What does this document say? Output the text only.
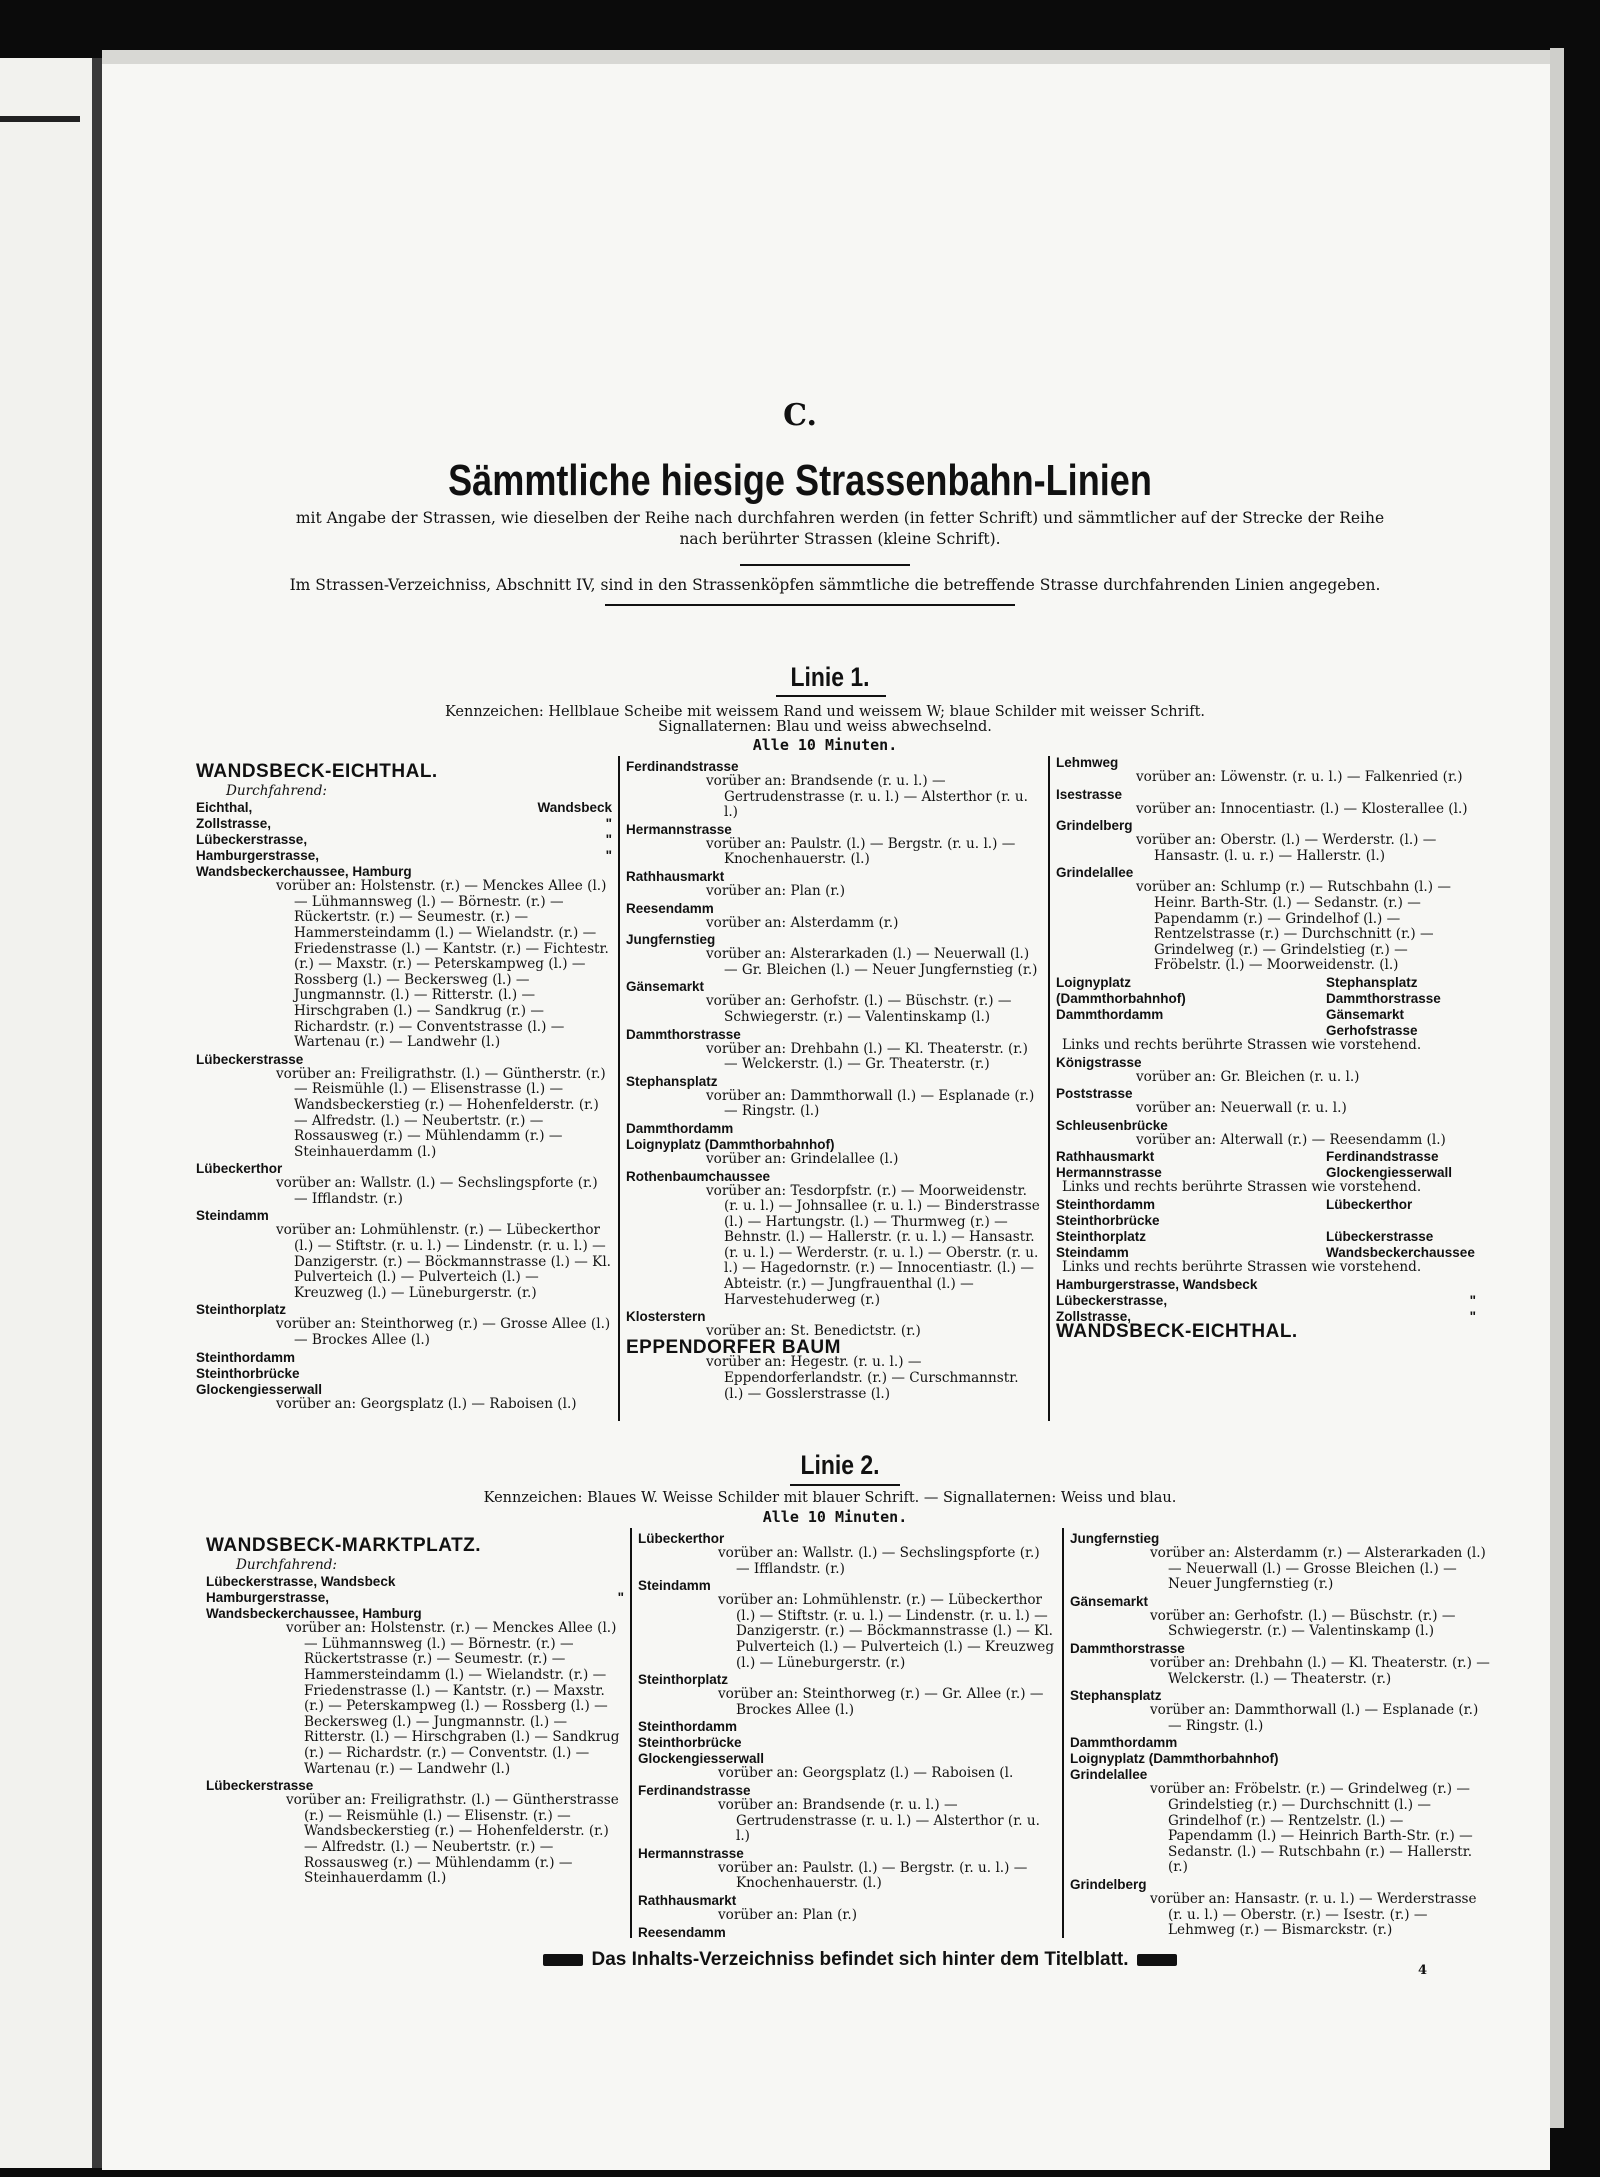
C.
Sämmtliche hiesige Strassenbahn-Linien
mit Angabe der Strassen, wie dieselben der Reihe nach durchfahren werden (in fetter Schrift) und sämmtlicher auf der Strecke der Reihe nach berührter Strassen (kleine Schrift).
Im Strassen-Verzeichniss, Abschnitt IV, sind in den Strassenköpfen sämmtliche die betreffende Strasse durchfahrenden Linien angegeben.
Linie 1.
Kennzeichen: Hellblaue Scheibe mit weissem Rand und weissem W; blaue Schilder mit weisser Schrift.
Signallaternen: Blau und weiss abwechselnd.
Alle 10 Minuten.
WANDSBECK-EICHTHAL.
Durchfahrend:
Eichthal,	Wandsbeck
Zollstrasse,	"
Lübeckerstrasse,	"
Hamburgerstrasse,	"
Wandsbeckerchaussee, Hamburg
vorüber an: Holstenstr. (r.) — Menckes Allee (l.) — Lühmannsweg (l.) — Börnestr. (r.) — Rückertstr. (r.) — Seumestr. (r.) — Hammersteindamm (l.) — Wielandstr. (r.) — Friedenstrasse (l.) — Kantstr. (r.) — Fichtestr. (r.) — Maxstr. (r.) — Peterskampweg (l.) — Rossberg (l.) — Beckersweg (l.) — Jungmannstr. (l.) — Ritterstr. (l.) — Hirschgraben (l.) — Sandkrug (r.) — Richardstr. (r.) — Conventstrasse (l.) — Wartenau (r.) — Landwehr (l.)
Lübeckerstrasse
vorüber an: Freiligrathstr. (l.) — Güntherstr. (r.) — Reismühle (l.) — Elisenstrasse (l.) — Wandsbeckerstieg (r.) — Hohenfelderstr. (r.) — Alfredstr. (l.) — Neubertstr. (r.) — Rossausweg (r.) — Mühlendamm (r.) — Steinhauerdamm (l.)
Lübeckerthor
vorüber an: Wallstr. (l.) — Sechslingspforte (r.) — Ifflandstr. (r.)
Steindamm
vorüber an: Lohmühlenstr. (r.) — Lübeckerthor (l.) — Stiftstr. (r. u. l.) — Lindenstr. (r. u. l.) — Danzigerstr. (r.) — Böckmannstrasse (l.) — Kl. Pulverteich (l.) — Pulverteich (l.) — Kreuzweg (l.) — Lüneburgerstr. (r.)
Steinthorplatz
vorüber an: Steinthorweg (r.) — Grosse Allee (l.) — Brockes Allee (l.)
Steinthordamm
Steinthorbrücke
Glockengiesserwall
vorüber an: Georgsplatz (l.) — Raboisen (l.)
Ferdinandstrasse
vorüber an: Brandsende (r. u. l.) — Gertrudenstrasse (r. u. l.) — Alsterthor (r. u. l.)
Hermannstrasse
vorüber an: Paulstr. (l.) — Bergstr. (r. u. l.) — Knochenhauerstr. (l.)
Rathhausmarkt
vorüber an: Plan (r.)
Reesendamm
vorüber an: Alsterdamm (r.)
Jungfernstieg
vorüber an: Alsterarkaden (l.) — Neuerwall (l.) — Gr. Bleichen (l.) — Neuer Jungfernstieg (r.)
Gänsemarkt
vorüber an: Gerhofstr. (l.) — Büschstr. (r.) — Schwiegerstr. (r.) — Valentinskamp (l.)
Dammthorstrasse
vorüber an: Drehbahn (l.) — Kl. Theaterstr. (r.) — Welckerstr. (l.) — Gr. Theaterstr. (r.)
Stephansplatz
vorüber an: Dammthorwall (l.) — Esplanade (r.) — Ringstr. (l.)
Dammthordamm
Loignyplatz (Dammthorbahnhof)
vorüber an: Grindelallee (l.)
Rothenbaumchaussee
vorüber an: Tesdorpfstr. (r.) — Moorweidenstr. (r. u. l.) — Johnsallee (r. u. l.) — Binderstrasse (l.) — Hartungstr. (l.) — Thurmweg (r.) — Behnstr. (l.) — Hallerstr. (r. u. l.) — Hansastr. (r. u. l.) — Werderstr. (r. u. l.) — Oberstr. (r. u. l.) — Hagedornstr. (r.) — Innocentiastr. (l.) — Abteistr. (r.) — Jungfrauenthal (l.) — Harvestehuderweg (r.)
Klosterstern
vorüber an: St. Benedictstr. (r.)
EPPENDORFER BAUM
vorüber an: Hegestr. (r. u. l.) — Eppendorferlandstr. (r.) — Curschmannstr. (l.) — Gosslerstrasse (l.)
Lehmweg
vorüber an: Löwenstr. (r. u. l.) — Falkenried (r.)
Isestrasse
vorüber an: Innocentiastr. (l.) — Klosterallee (l.)
Grindelberg
vorüber an: Oberstr. (l.) — Werderstr. (l.) — Hansastr. (l. u. r.) — Hallerstr. (l.)
Grindelallee
vorüber an: Schlump (r.) — Rutschbahn (l.) — Heinr. Barth-Str. (l.) — Sedanstr. (r.) — Papendamm (r.) — Grindelhof (l.) — Rentzelstrasse (r.) — Durchschnitt (r.) — Grindelweg (r.) — Grindelstieg (r.) — Fröbelstr. (l.) — Moorweidenstr. (l.)
Loignyplatz	Stephansplatz
(Dammthorbahnhof)	Dammthorstrasse
Dammthordamm	Gänsemarkt
Gerhofstrasse
Links und rechts berührte Strassen wie vorstehend.
Königstrasse
vorüber an: Gr. Bleichen (r. u. l.)
Poststrasse
vorüber an: Neuerwall (r. u. l.)
Schleusenbrücke
vorüber an: Alterwall (r.) — Reesendamm (l.)
Rathhausmarkt	Ferdinandstrasse
Hermannstrasse	Glockengiesserwall
Links und rechts berührte Strassen wie vorstehend.
Steinthordamm	Lübeckerthor
Steinthorbrücke
Steinthorplatz	Lübeckerstrasse
Steindamm	Wandsbeckerchaussee
Links und rechts berührte Strassen wie vorstehend.
Hamburgerstrasse, Wandsbeck
Lübeckerstrasse,	"
Zollstrasse,	"
WANDSBECK-EICHTHAL.
Linie 2.
Kennzeichen: Blaues W. Weisse Schilder mit blauer Schrift. — Signallaternen: Weiss und blau.
Alle 10 Minuten.
WANDSBECK-MARKTPLATZ.
Durchfahrend:
Lübeckerstrasse, Wandsbeck
Hamburgerstrasse,	"
Wandsbeckerchaussee, Hamburg
vorüber an: Holstenstr. (r.) — Menckes Allee (l.) — Lühmannsweg (l.) — Börnestr. (r.) — Rückertstrasse (r.) — Seumestr. (r.) — Hammersteindamm (l.) — Wielandstr. (r.) — Friedenstrasse (l.) — Kantstr. (r.) — Maxstr. (r.) — Peterskampweg (l.) — Rossberg (l.) — Beckersweg (l.) — Jungmannstr. (l.) — Ritterstr. (l.) — Hirschgraben (l.) — Sandkrug (r.) — Richardstr. (r.) — Conventstr. (l.) — Wartenau (r.) — Landwehr (l.)
Lübeckerstrasse
vorüber an: Freiligrathstr. (l.) — Güntherstrasse (r.) — Reismühle (l.) — Elisenstr. (r.) — Wandsbeckerstieg (r.) — Hohenfelderstr. (r.) — Alfredstr. (l.) — Neubertstr. (r.) — Rossausweg (r.) — Mühlendamm (r.) — Steinhauerdamm (l.)
Lübeckerthor
vorüber an: Wallstr. (l.) — Sechslingspforte (r.) — Ifflandstr. (r.)
Steindamm
vorüber an: Lohmühlenstr. (r.) — Lübeckerthor (l.) — Stiftstr. (r. u. l.) — Lindenstr. (r. u. l.) — Danzigerstr. (r.) — Böckmannstrasse (l.) — Kl. Pulverteich (l.) — Pulverteich (l.) — Kreuzweg (l.) — Lüneburgerstr. (r.)
Steinthorplatz
vorüber an: Steinthorweg (r.) — Gr. Allee (r.) — Brockes Allee (l.)
Steinthordamm
Steinthorbrücke
Glockengiesserwall
vorüber an: Georgsplatz (l.) — Raboisen (l.
Ferdinandstrasse
vorüber an: Brandsende (r. u. l.) — Gertrudenstrasse (r. u. l.) — Alsterthor (r. u. l.)
Hermannstrasse
vorüber an: Paulstr. (l.) — Bergstr. (r. u. l.) — Knochenhauerstr. (l.)
Rathhausmarkt
vorüber an: Plan (r.)
Reesendamm
Jungfernstieg
vorüber an: Alsterdamm (r.) — Alsterarkaden (l.) — Neuerwall (l.) — Grosse Bleichen (l.) — Neuer Jungfernstieg (r.)
Gänsemarkt
vorüber an: Gerhofstr. (l.) — Büschstr. (r.) — Schwiegerstr. (r.) — Valentinskamp (l.)
Dammthorstrasse
vorüber an: Drehbahn (l.) — Kl. Theaterstr. (r.) — Welckerstr. (l.) — Theaterstr. (r.)
Stephansplatz
vorüber an: Dammthorwall (l.) — Esplanade (r.) — Ringstr. (l.)
Dammthordamm
Loignyplatz (Dammthorbahnhof)
Grindelallee
vorüber an: Fröbelstr. (r.) — Grindelweg (r.) — Grindelstieg (r.) — Durchschnitt (l.) — Grindelhof (r.) — Rentzelstr. (l.) — Papendamm (l.) — Heinrich Barth-Str. (r.) — Sedanstr. (l.) — Rutschbahn (r.) — Hallerstr. (r.)
Grindelberg
vorüber an: Hansastr. (r. u. l.) — Werderstrasse (r. u. l.) — Oberstr. (r.) — Isestr. (r.) — Lehmweg (r.) — Bismarckstr. (r.)
Das Inhalts-Verzeichniss befindet sich hinter dem Titelblatt.
4
